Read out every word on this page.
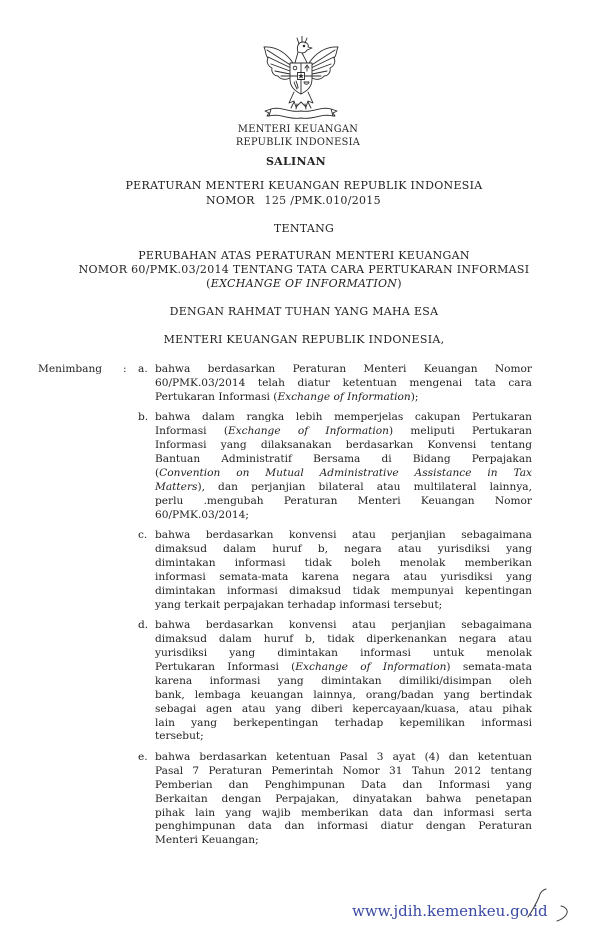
MENTERI KEUANGAN
REPUBLIK INDONESIA
SALINAN
PERATURAN MENTERI KEUANGAN REPUBLIK INDONESIA
NOMOR 125 /PMK.010/2015
TENTANG
PERUBAHAN ATAS PERATURAN MENTERI KEUANGAN
NOMOR 60/PMK.03/2014 TENTANG TATA CARA PERTUKARAN INFORMASI
(EXCHANGE OF INFORMATION)
DENGAN RAHMAT TUHAN YANG MAHA ESA
MENTERI KEUANGAN REPUBLIK INDONESIA,
Menimbang : a. bahwa berdasarkan Peraturan Menteri Keuangan Nomor
60/PMK.03/2014 telah diatur ketentuan mengenai tata cara
Pertukaran Informasi (Exchange of Information);
b. bahwa dalam rangka lebih memperjelas cakupan Pertukaran
Informasi (Exchange of Information) meliputi Pertukaran
Informasi yang dilaksanakan berdasarkan Konvensi tentang
Bantuan Administratif Bersama di Bidang Perpajakan
(Convention on Mutual Administrative Assistance in Tax
Matters), dan perjanjian bilateral atau multilateral lainnya,
perlu .mengubah Peraturan Menteri Keuangan Nomor
60/PMK.03/2014;
c. bahwa berdasarkan konvensi atau perjanjian sebagaimana
dimaksud dalam huruf b, negara atau yurisdiksi yang
dimintakan informasi tidak boleh menolak memberikan
informasi semata-mata karena negara atau yurisdiksi yang
dimintakan informasi dimaksud tidak mempunyai kepentingan
yang terkait perpajakan terhadap informasi tersebut;
d. bahwa berdasarkan konvensi atau perjanjian sebagaimana
dimaksud dalam huruf b, tidak diperkenankan negara atau
yurisdiksi yang dimintakan informasi untuk menolak
Pertukaran Informasi (Exchange of Information) semata-mata
karena informasi yang dimintakan dimiliki/disimpan oleh
bank, lembaga keuangan lainnya, orang/badan yang bertindak
sebagai agen atau yang diberi kepercayaan/kuasa, atau pihak
lain yang berkepentingan terhadap kepemilikan informasi
tersebut;
e. bahwa berdasarkan ketentuan Pasal 3 ayat (4) dan ketentuan
Pasal 7 Peraturan Pemerintah Nomor 31 Tahun 2012 tentang
Pemberian dan Penghimpunan Data dan Informasi yang
Berkaitan dengan Perpajakan, dinyatakan bahwa penetapan
pihak lain yang wajib memberikan data dan informasi serta
penghimpunan data dan informasi diatur dengan Peraturan
Menteri Keuangan;
www.jdih.kemenkeu.go.id
